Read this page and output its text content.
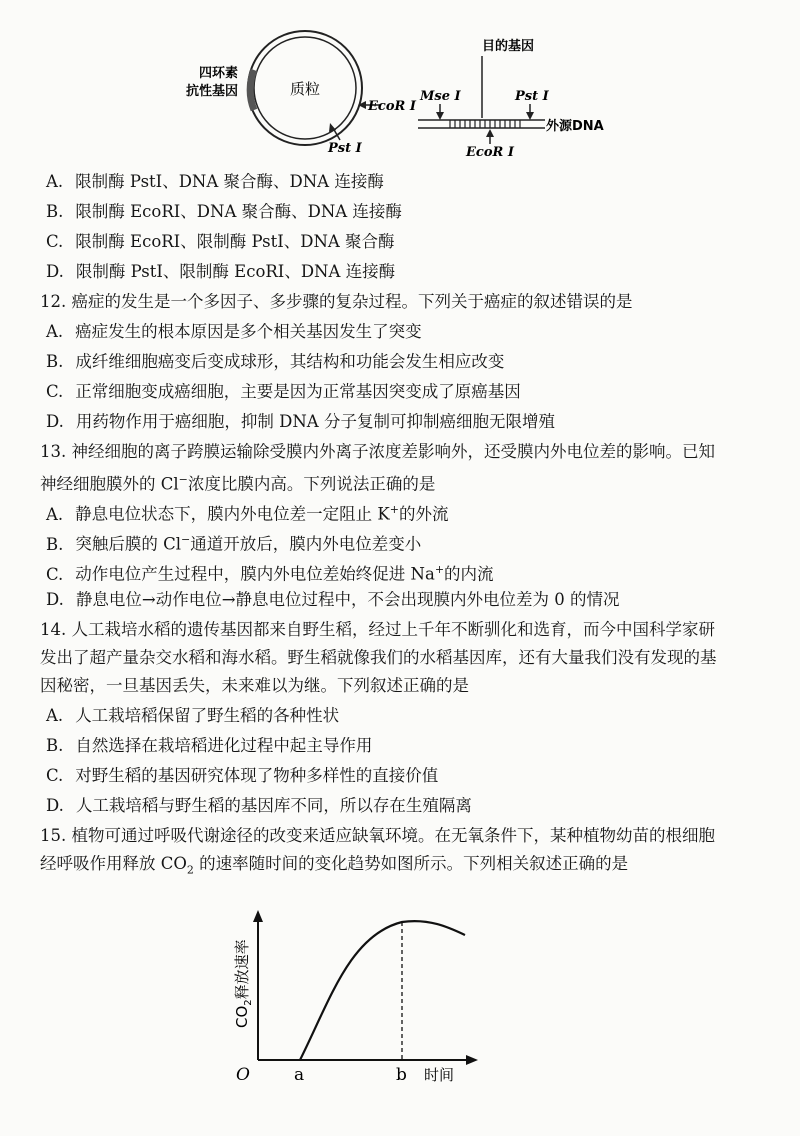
质粒
四环素
抗性基因
EcoR I
Pst I
目的基因
Mse I	Pst I
EcoR I
外源DNA
A. 限制酶 PstI、DNA 聚合酶、DNA 连接酶
B. 限制酶 EcoRI、DNA 聚合酶、DNA 连接酶
C. 限制酶 EcoRI、限制酶 PstI、DNA 聚合酶
D. 限制酶 PstI、限制酶 EcoRI、DNA 连接酶
12. 癌症的发生是一个多因子、多步骤的复杂过程。下列关于癌症的叙述错误的是
A. 癌症发生的根本原因是多个相关基因发生了突变
B. 成纤维细胞癌变后变成球形，其结构和功能会发生相应改变
C. 正常细胞变成癌细胞，主要是因为正常基因突变成了原癌基因
D. 用药物作用于癌细胞，抑制 DNA 分子复制可抑制癌细胞无限增殖
13. 神经细胞的离子跨膜运输除受膜内外离子浓度差影响外，还受膜内外电位差的影响。已知
神经细胞膜外的 Cl−浓度比膜内高。下列说法正确的是
A. 静息电位状态下，膜内外电位差一定阻止 K+的外流
B. 突触后膜的 Cl−通道开放后，膜内外电位差变小
C. 动作电位产生过程中，膜内外电位差始终促进 Na+的内流
D. 静息电位→动作电位→静息电位过程中，不会出现膜内外电位差为 0 的情况
14. 人工栽培水稻的遗传基因都来自野生稻，经过上千年不断驯化和选育，而今中国科学家研
发出了超产量杂交水稻和海水稻。野生稻就像我们的水稻基因库，还有大量我们没有发现的基
因秘密，一旦基因丢失，未来难以为继。下列叙述正确的是
A. 人工栽培稻保留了野生稻的各种性状
B. 自然选择在栽培稻进化过程中起主导作用
C. 对野生稻的基因研究体现了物种多样性的直接价值
D. 人工栽培稻与野生稻的基因库不同，所以存在生殖隔离
15. 植物可通过呼吸代谢途径的改变来适应缺氧环境。在无氧条件下，某种植物幼苗的根细胞
经呼吸作用释放 $CO_2$ 的速率随时间的变化趋势如图所示。下列相关叙述正确的是
O	a	b 时间
$CO_2$释放速率
